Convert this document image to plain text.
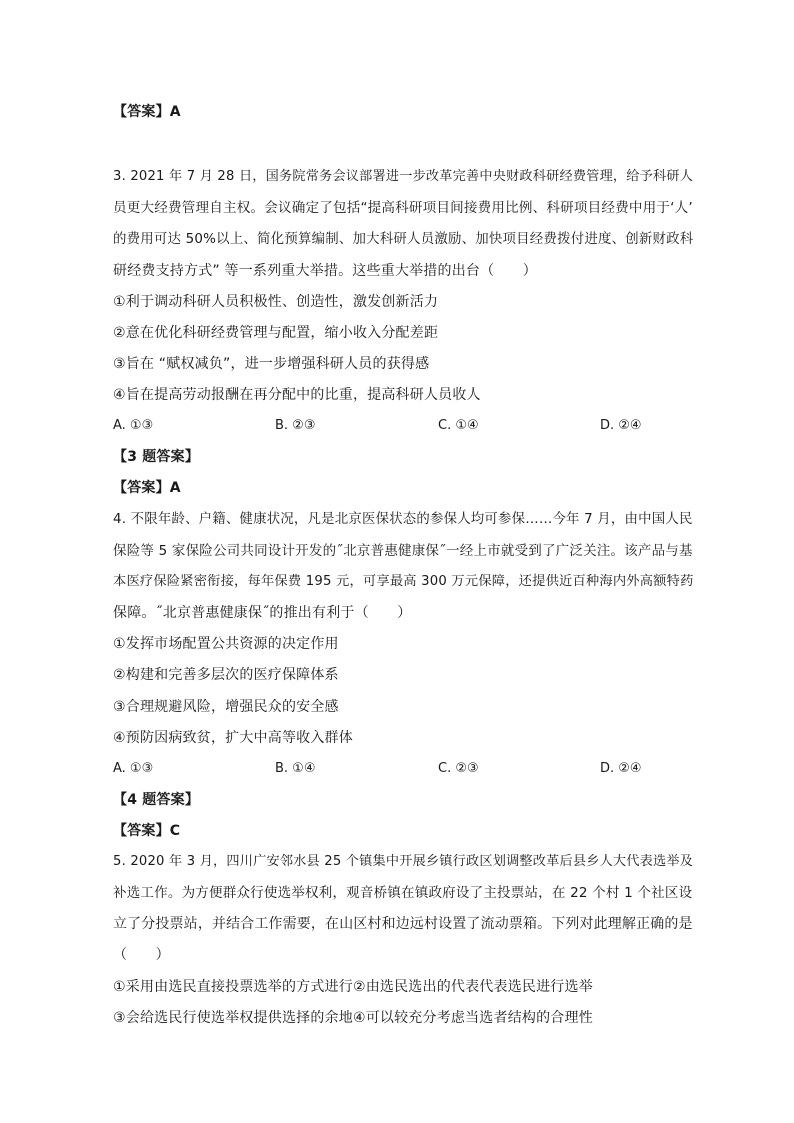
【答案】A
3. 2021 年 7 月 28 日，国务院常务会议部署进一步改革完善中央财政科研经费管理，给予科研人
员更大经费管理自主权。会议确定了包括“提高科研项目间接费用比例、科研项目经费中用于‘人’
的费用可达 50%以上、简化预算编制、加大科研人员激励、加快项目经费拨付进度、创新财政科
研经费支持方式” 等一系列重大举措。这些重大举措的出台（　　）
①利于调动科研人员积极性、创造性，激发创新活力
②意在优化科研经费管理与配置，缩小收入分配差距
③旨在 “赋权减负”，进一步增强科研人员的获得感
④旨在提高劳动报酬在再分配中的比重，提高科研人员收人
A. ①③	B. ②③	C. ①④	D. ②④
【3 题答案】
【答案】A
4. 不限年龄、户籍、健康状况，凡是北京医保状态的参保人均可参保……今年 7 月，由中国人民
保险等 5 家保险公司共同设计开发的˝北京普惠健康保˝一经上市就受到了广泛关注。该产品与基
本医疗保险紧密衔接，每年保费 195 元，可享最高 300 万元保障，还提供近百种海内外高额特药
保障。˝北京普惠健康保˝的推出有利于（　　）
①发挥市场配置公共资源的决定作用
②构建和完善多层次的医疗保障体系
③合理规避风险，增强民众的安全感
④预防因病致贫，扩大中高等收入群体
A. ①③	B. ①④	C. ②③	D. ②④
【4 题答案】
【答案】C
5. 2020 年 3 月，四川广安邻水县 25 个镇集中开展乡镇行政区划调整改革后县乡人大代表选举及
补选工作。为方便群众行使选举权利，观音桥镇在镇政府设了主投票站，在 22 个村 1 个社区设
立了分投票站，并结合工作需要，在山区村和边远村设置了流动票箱。下列对此理解正确的是
（　　）
①采用由选民直接投票选举的方式进行②由选民选出的代表代表选民进行选举
③会给选民行使选举权提供选择的余地④可以较充分考虑当选者结构的合理性
